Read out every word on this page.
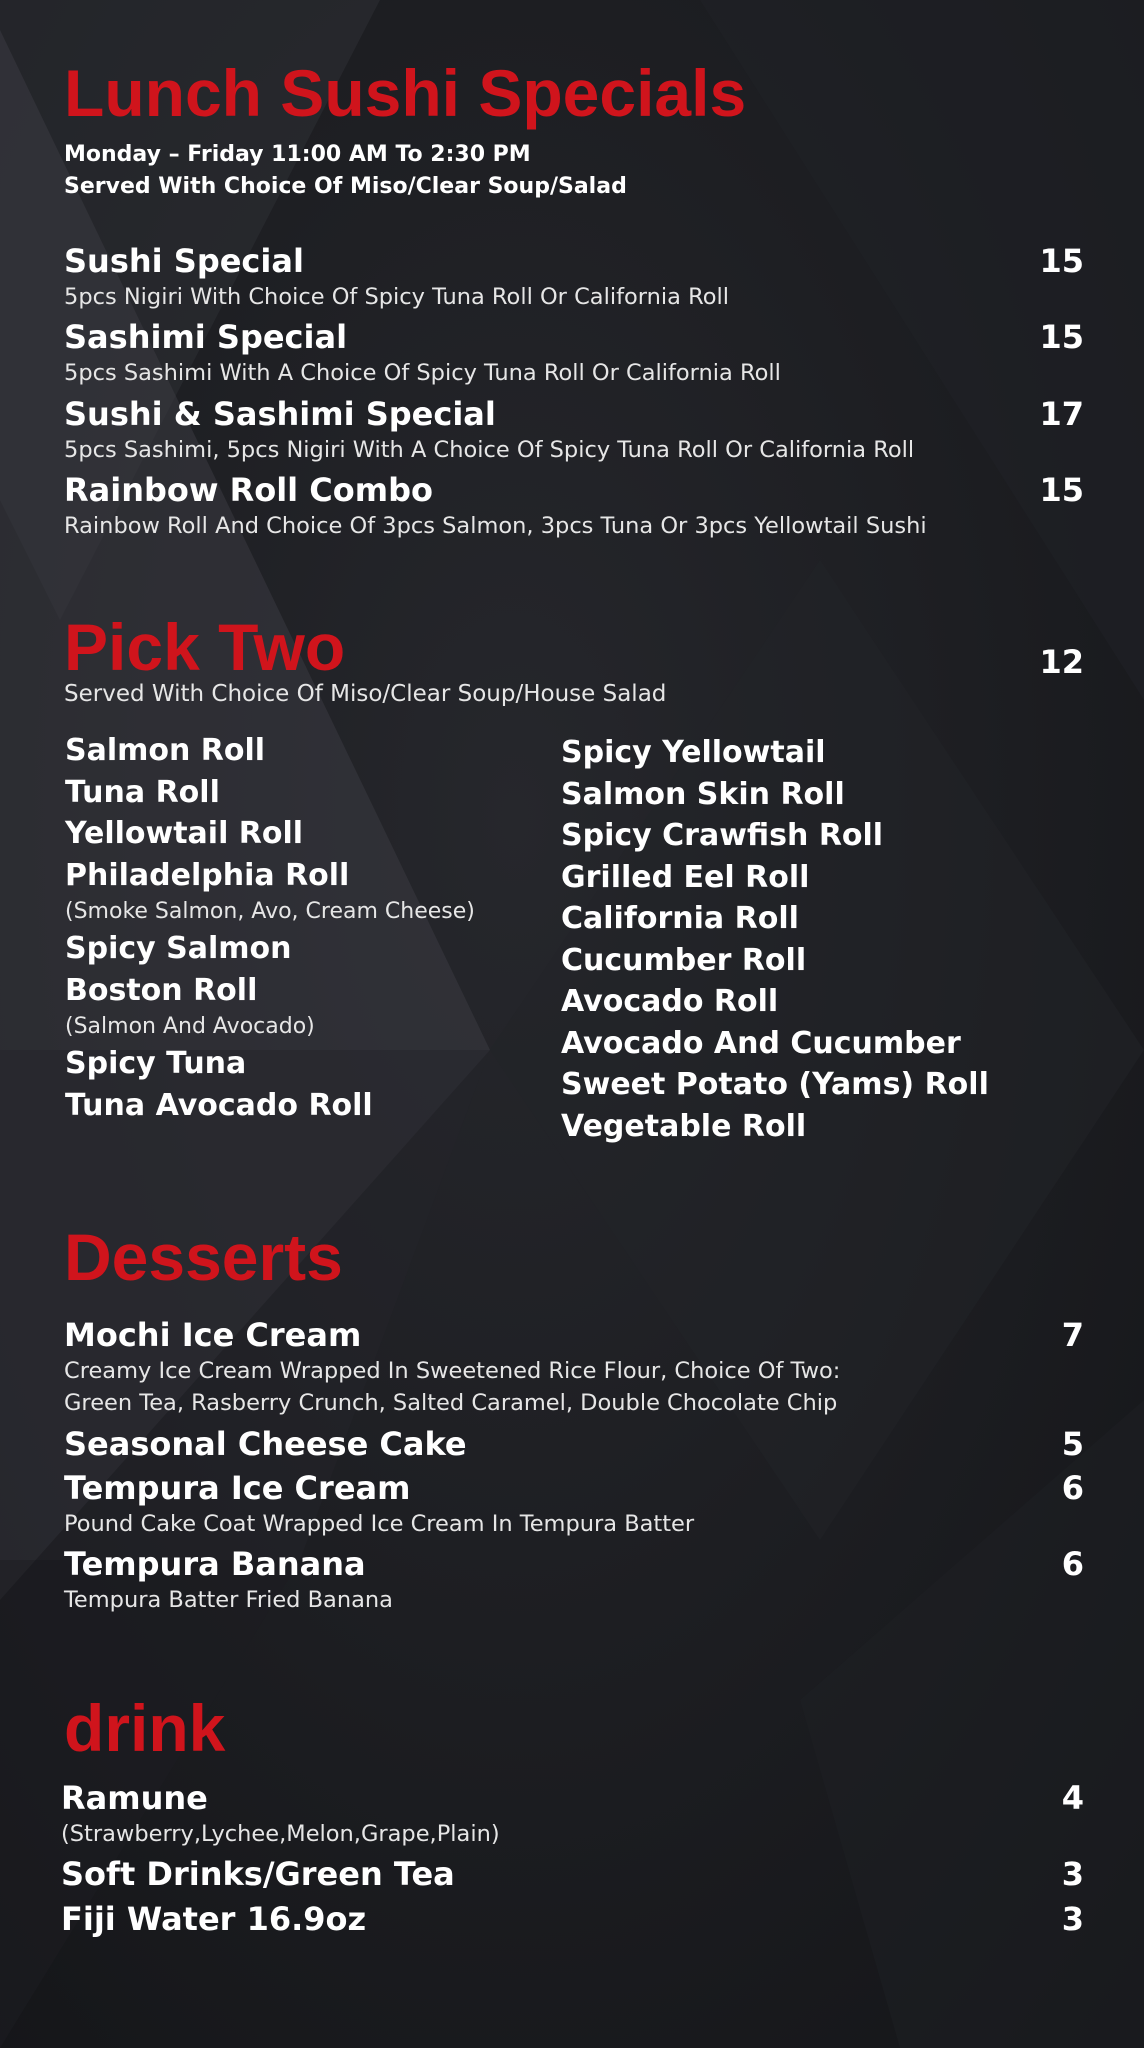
Lunch Sushi Specials
Monday – Friday 11:00 AM To 2:30 PM
Served With Choice Of Miso/Clear Soup/Salad
Sushi Special	15
5pcs Nigiri With Choice Of Spicy Tuna Roll Or California Roll
Sashimi Special	15
5pcs Sashimi With A Choice Of Spicy Tuna Roll Or California Roll
Sushi & Sashimi Special	17
5pcs Sashimi, 5pcs Nigiri With A Choice Of Spicy Tuna Roll Or California Roll
Rainbow Roll Combo	15
Rainbow Roll And Choice Of 3pcs Salmon, 3pcs Tuna Or 3pcs Yellowtail Sushi
Pick Two	12
Served With Choice Of Miso/Clear Soup/House Salad
Salmon Roll
Tuna Roll
Yellowtail Roll
Philadelphia Roll
(Smoke Salmon, Avo, Cream Cheese)
Spicy Salmon
Boston Roll
(Salmon And Avocado)
Spicy Tuna
Tuna Avocado Roll
Spicy Yellowtail
Salmon Skin Roll
Spicy Crawfish Roll
Grilled Eel Roll
California Roll
Cucumber Roll
Avocado Roll
Avocado And Cucumber
Sweet Potato (Yams) Roll
Vegetable Roll
Desserts
Mochi Ice Cream	7
Creamy Ice Cream Wrapped In Sweetened Rice Flour, Choice Of Two:
Green Tea, Rasberry Crunch, Salted Caramel, Double Chocolate Chip
Seasonal Cheese Cake	5
Tempura Ice Cream	6
Pound Cake Coat Wrapped Ice Cream In Tempura Batter
Tempura Banana	6
Tempura Batter Fried Banana
drink
Ramune	4
(Strawberry,Lychee,Melon,Grape,Plain)
Soft Drinks/Green Tea	3
Fiji Water 16.9oz	3
